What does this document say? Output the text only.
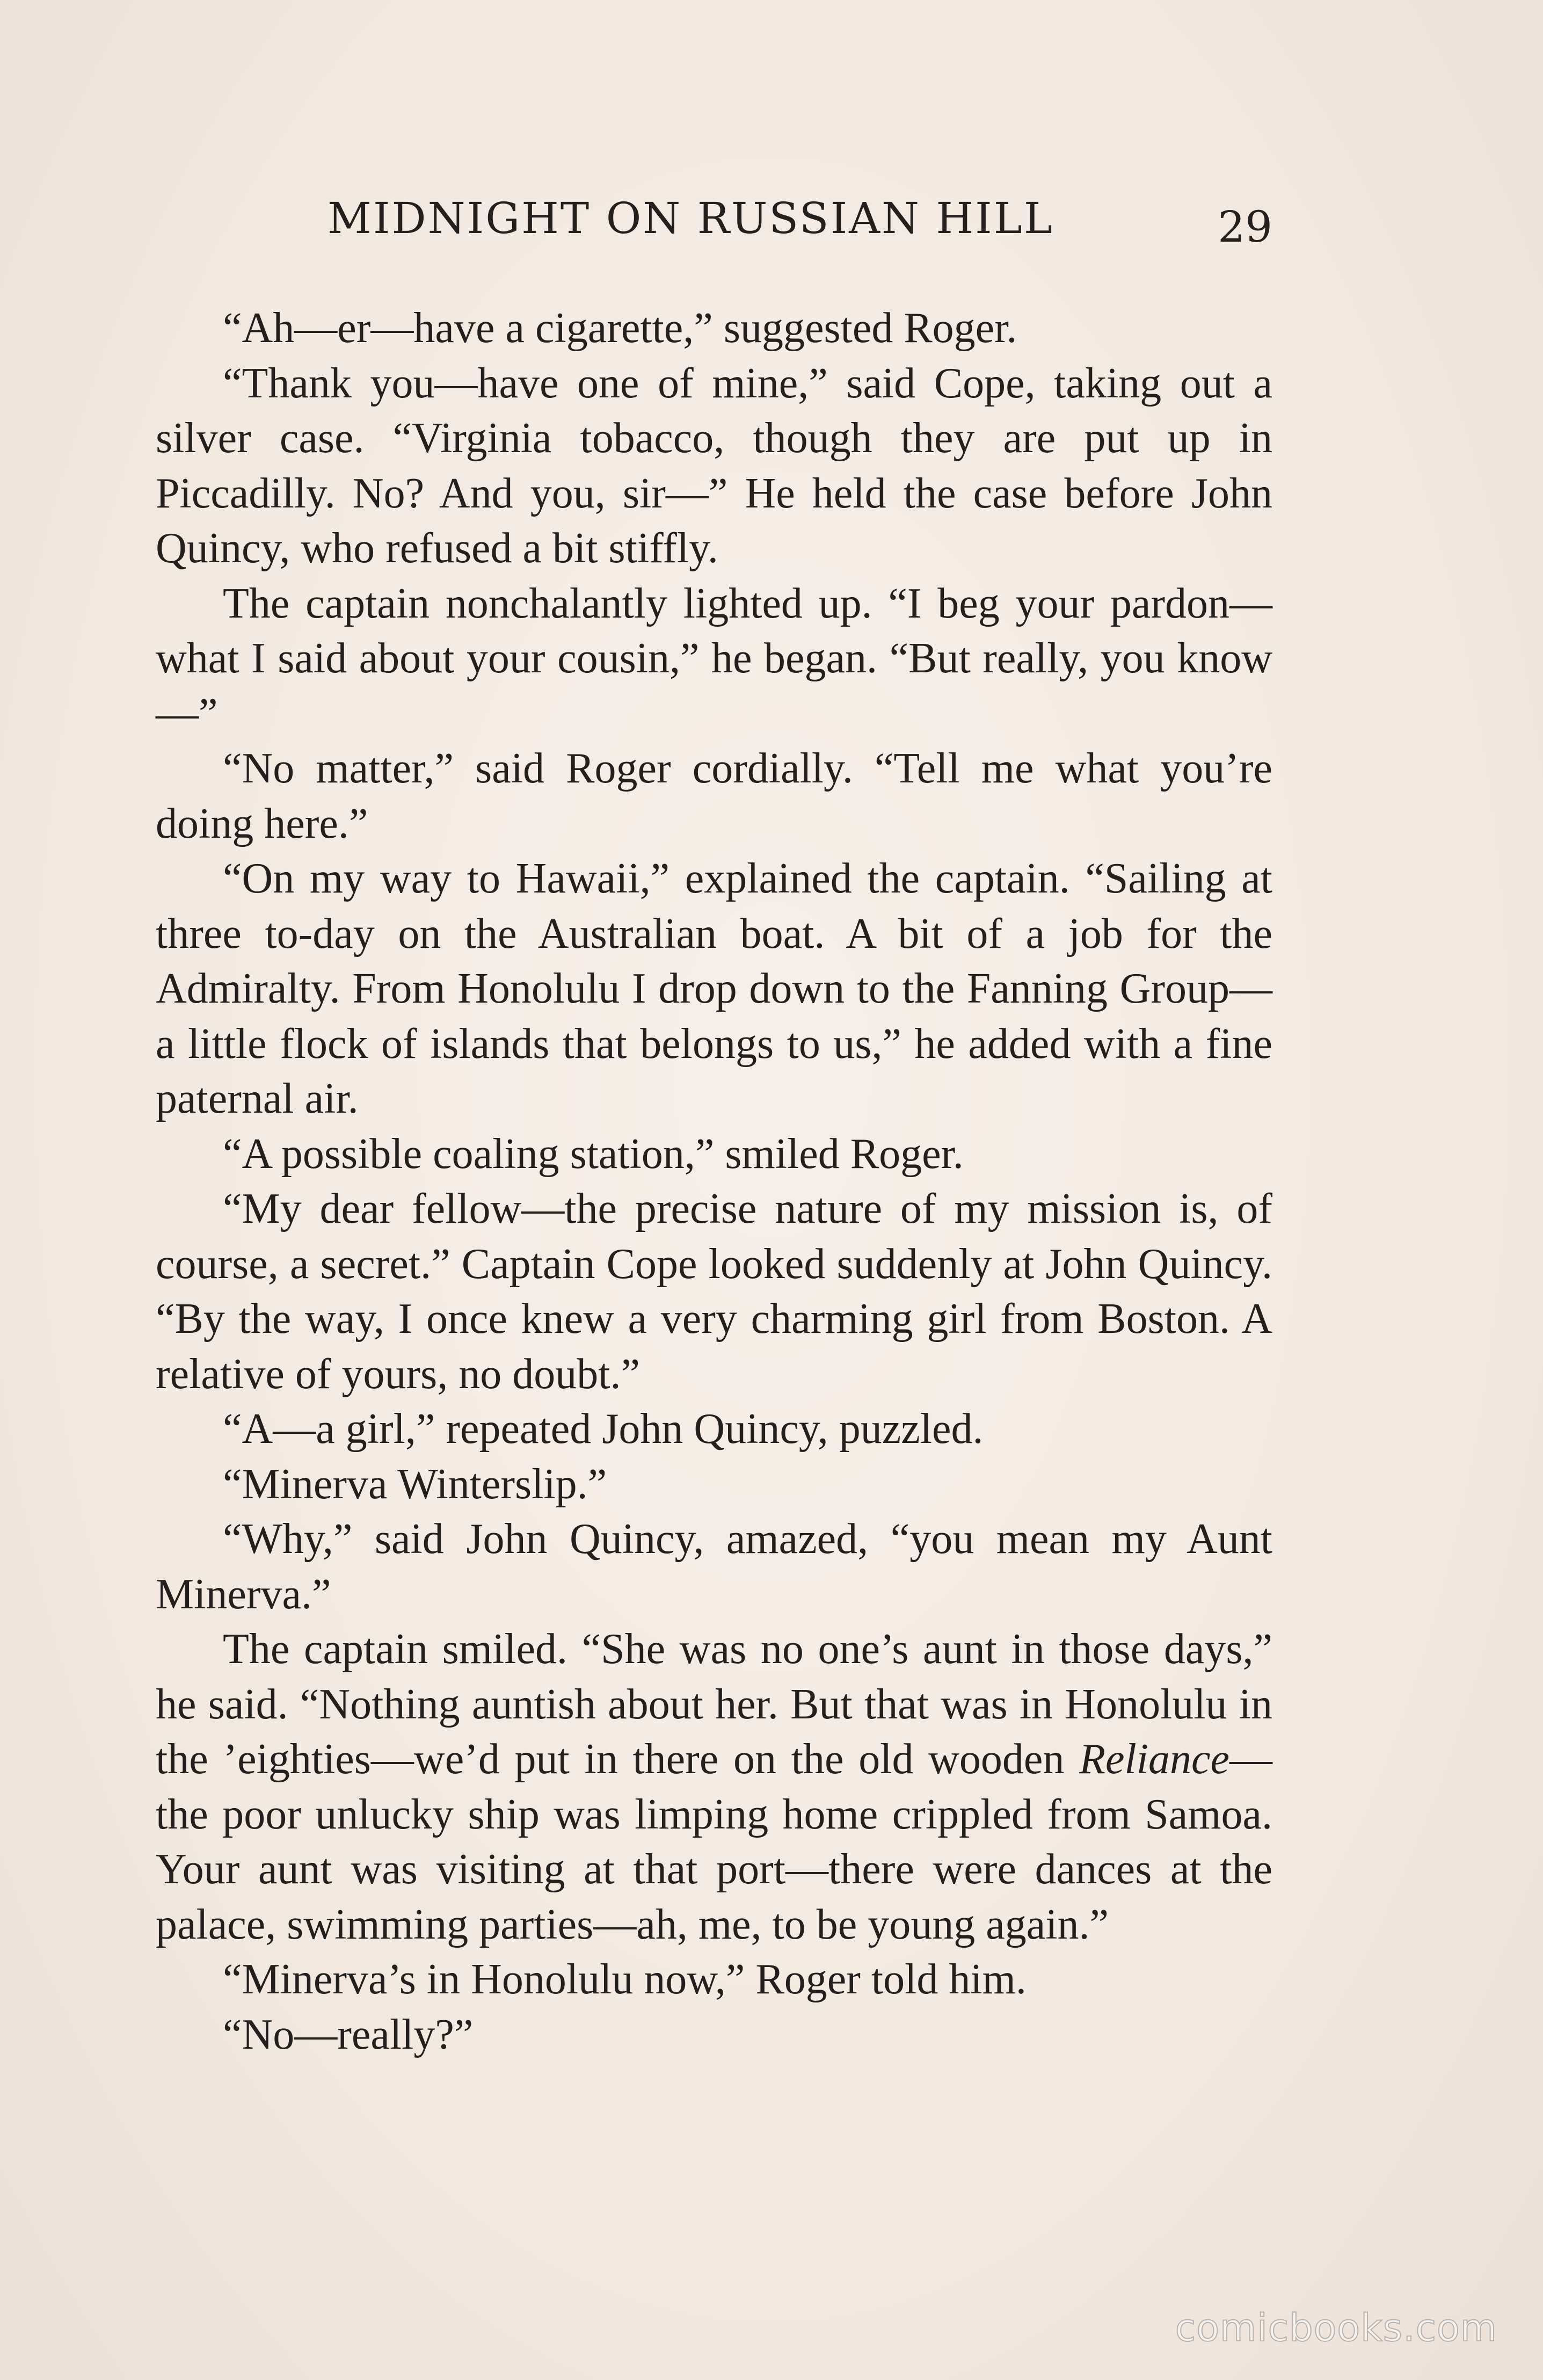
MIDNIGHT ON RUSSIAN HILL	29

“Ah—er—have a cigarette,” suggested Roger.

“Thank you—have one of mine,” said Cope, taking out a silver case. “Virginia tobacco, though they are put up in Piccadilly. No? And you, sir—” He held the case before John Quincy, who refused a bit stiffly.

The captain nonchalantly lighted up. “I beg your pardon—what I said about your cousin,” he began. “But really, you know—”

“No matter,” said Roger cordially. “Tell me what you’re doing here.”

“On my way to Hawaii,” explained the captain. “Sailing at three to-day on the Australian boat. A bit of a job for the Admiralty. From Honolulu I drop down to the Fanning Group—a little flock of islands that belongs to us,” he added with a fine paternal air.

“A possible coaling station,” smiled Roger.

“My dear fellow—the precise nature of my mission is, of course, a secret.” Captain Cope looked suddenly at John Quincy. “By the way, I once knew a very charming girl from Boston. A relative of yours, no doubt.”

“A—a girl,” repeated John Quincy, puzzled.

“Minerva Winterslip.”

“Why,” said John Quincy, amazed, “you mean my Aunt Minerva.”

The captain smiled. “She was no one’s aunt in those days,” he said. “Nothing auntish about her. But that was in Honolulu in the ’eighties—we’d put in there on the old wooden Reliance—the poor unlucky ship was limping home crippled from Samoa. Your aunt was visiting at that port—there were dances at the palace, swimming parties—ah, me, to be young again.”

“Minerva’s in Honolulu now,” Roger told him.

“No—really?”

comicbooks.com
